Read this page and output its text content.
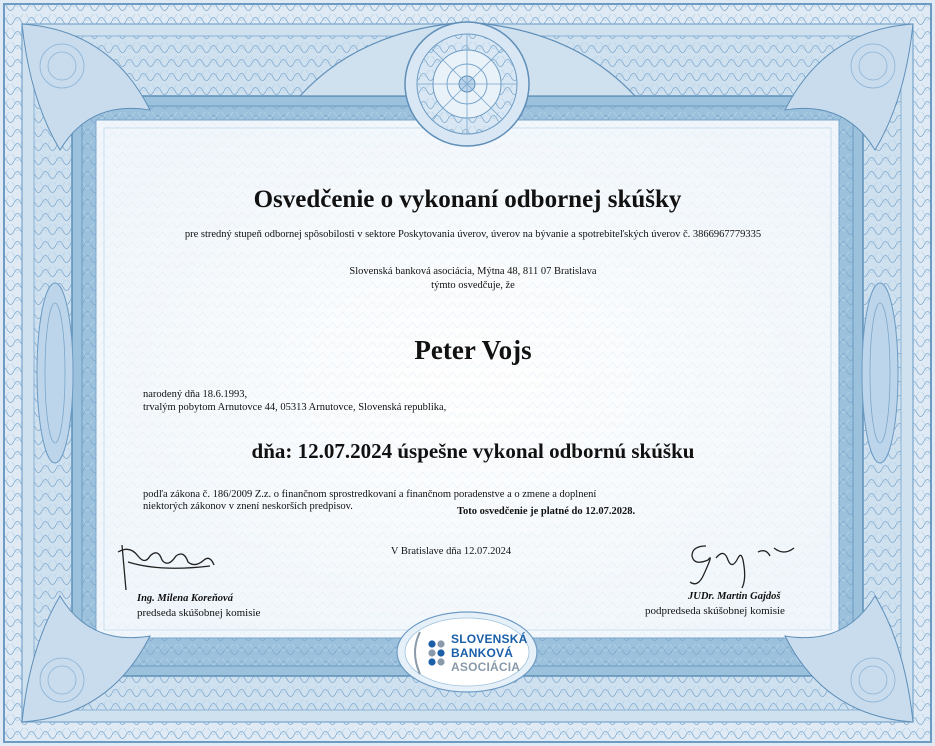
Osvedčenie o vykonaní odbornej skúšky
pre stredný stupeň odbornej spôsobilosti v sektore Poskytovania úverov, úverov na bývanie a spotrebiteľských úverov č. 3866967779335
Slovenská banková asociácia, Mýtna 48, 811 07 Bratislava
týmto osvedčuje, že
Peter Vojs
narodený dňa 18.6.1993,
trvalým pobytom Arnutovce 44, 05313 Arnutovce, Slovenská republika,
dňa: 12.07.2024 úspešne vykonal odbornú skúšku
podľa zákona č. 186/2009 Z.z. o finančnom sprostredkovaní a finančnom poradenstve a o zmene a doplnení
niektorých zákonov v znení neskorších predpisov.	Toto osvedčenie je platné do 12.07.2028.
V Bratislave dňa 12.07.2024
Ing. Milena Koreňová
predseda skúšobnej komisie
JUDr. Martin Gajdoš
podpredseda skúšobnej komisie
SLOVENSKÁ
BANKOVÁ
ASOCIÁCIA
